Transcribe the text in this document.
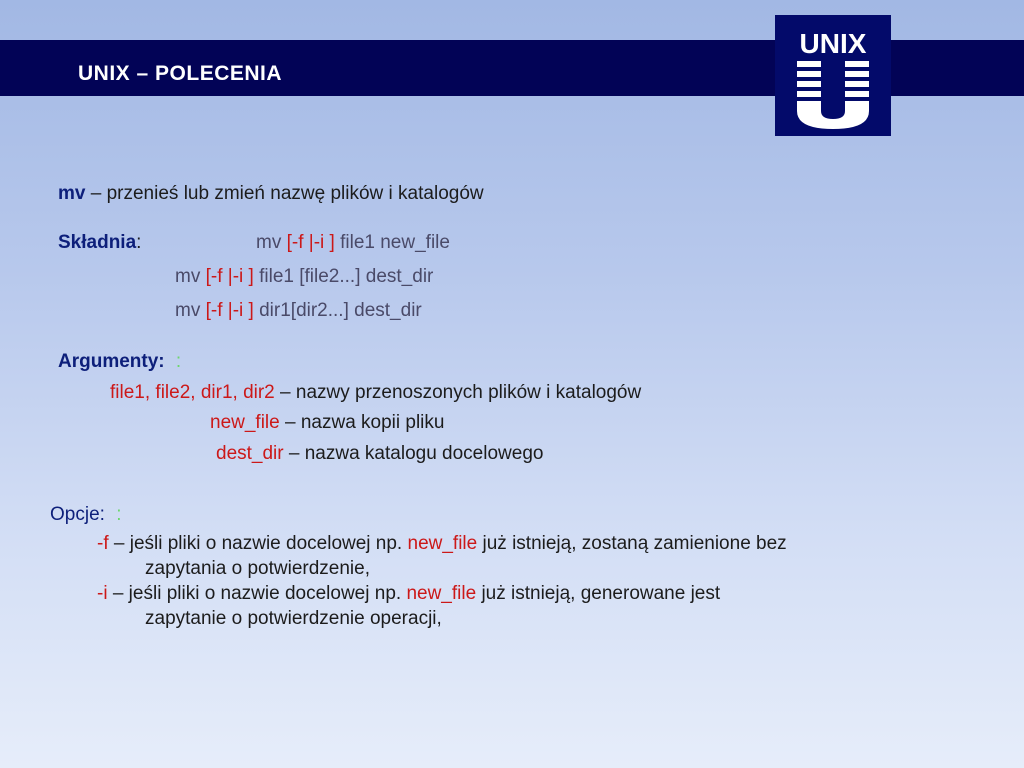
UNIX – POLECENIA
UNIX
mv – przenieś lub zmień nazwę plików i katalogów
Składnia:	mv [-f |-i ] file1 new_file
mv [-f |-i ] file1 [file2...] dest_dir
mv [-f |-i ] dir1[dir2...] dest_dir
Argumenty: :
file1, file2, dir1, dir2 – nazwy przenoszonych plików i katalogów
new_file – nazwa kopii pliku
dest_dir – nazwa katalogu docelowego
Opcje: :
-f – jeśli pliki o nazwie docelowej np. new_file już istnieją, zostaną zamienione bez
zapytania o potwierdzenie,
-i – jeśli pliki o nazwie docelowej np. new_file już istnieją, generowane jest
zapytanie o potwierdzenie operacji,
